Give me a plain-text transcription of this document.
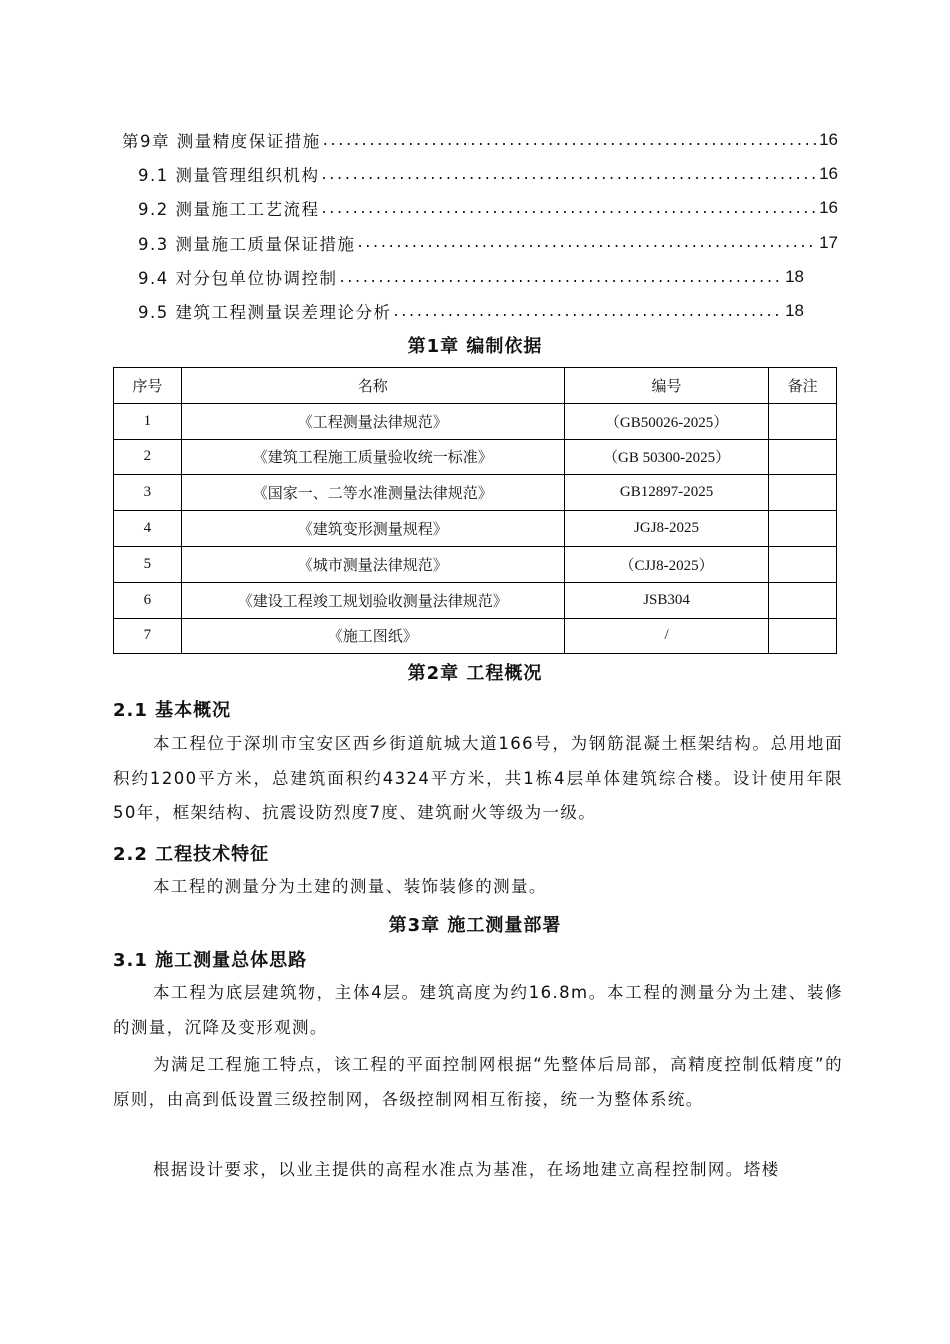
第9章 测量精度保证措施 . . .	16
9.1 测量管理组织机构 . . .	16
9.2 测量施工工艺流程 . . .	16
9.3 测量施工质量保证措施 . . .	17
9.4 对分包单位协调控制 . . .	18
9.5 建筑工程测量误差理论分析 . . .	18
第1章 编制依据
序号	名称	编号	备注
1	《工程测量法律规范》	（GB50026-2025）	
2	《建筑工程施工质量验收统一标准》	（GB 50300-2025）	
3	《国家一、二等水准测量法律规范》	GB12897-2025	
4	《建筑变形测量规程》	JGJ8-2025	
5	《城市测量法律规范》	（CJJ8-2025）	
6	《建设工程竣工规划验收测量法律规范》	JSB304	
7	《施工图纸》	/	
第2章 工程概况
2.1 基本概况

本工程位于深圳市宝安区西乡街道航城大道166号，为钢筋混凝土框架结构。总用地面积约1200平方米，总建筑面积约4324平方米，共1栋4层单体建筑综合楼。设计使用年限50年，框架结构、抗震设防烈度7度、建筑耐火等级为一级。

2.2 工程技术特征

本工程的测量分为土建的测量、装饰装修的测量。

第3章 施工测量部署
3.1 施工测量总体思路

本工程为底层建筑物，主体4层。建筑高度为约16.8m。本工程的测量分为土建、装修的测量，沉降及变形观测。

为满足工程施工特点，该工程的平面控制网根据“先整体后局部，高精度控制低精度”的原则，由高到低设置三级控制网，各级控制网相互衔接，统一为整体系统。

根据设计要求，以业主提供的高程水准点为基准，在场地建立高程控制网。塔楼
